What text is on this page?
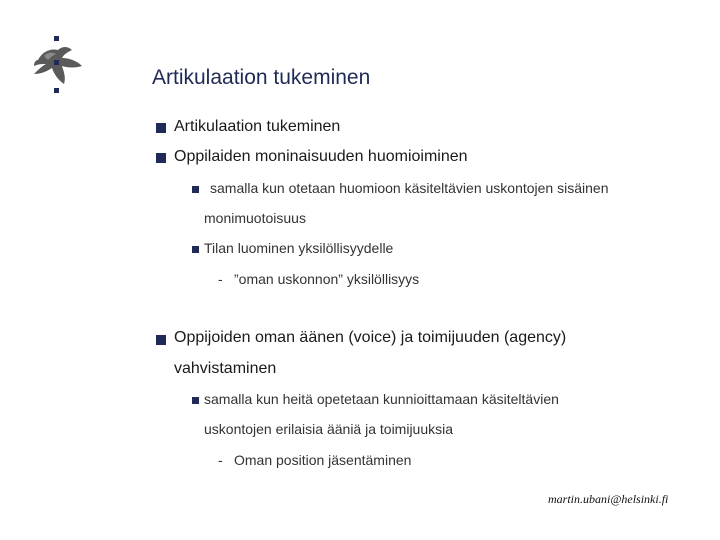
Artikulaation tukeminen
Artikulaation tukeminen
Oppilaiden moninaisuuden huomioiminen
samalla kun otetaan huomioon käsiteltävien uskontojen sisäinen
monimuotoisuus
Tilan luominen yksilöllisyydelle
- ”oman uskonnon” yksilöllisyys
Oppijoiden oman äänen (voice) ja toimijuuden (agency)
vahvistaminen
samalla kun heitä opetetaan kunnioittamaan käsiteltävien
uskontojen erilaisia ääniä ja toimijuuksia
- Oman position jäsentäminen
martin.ubani@helsinki.fi
